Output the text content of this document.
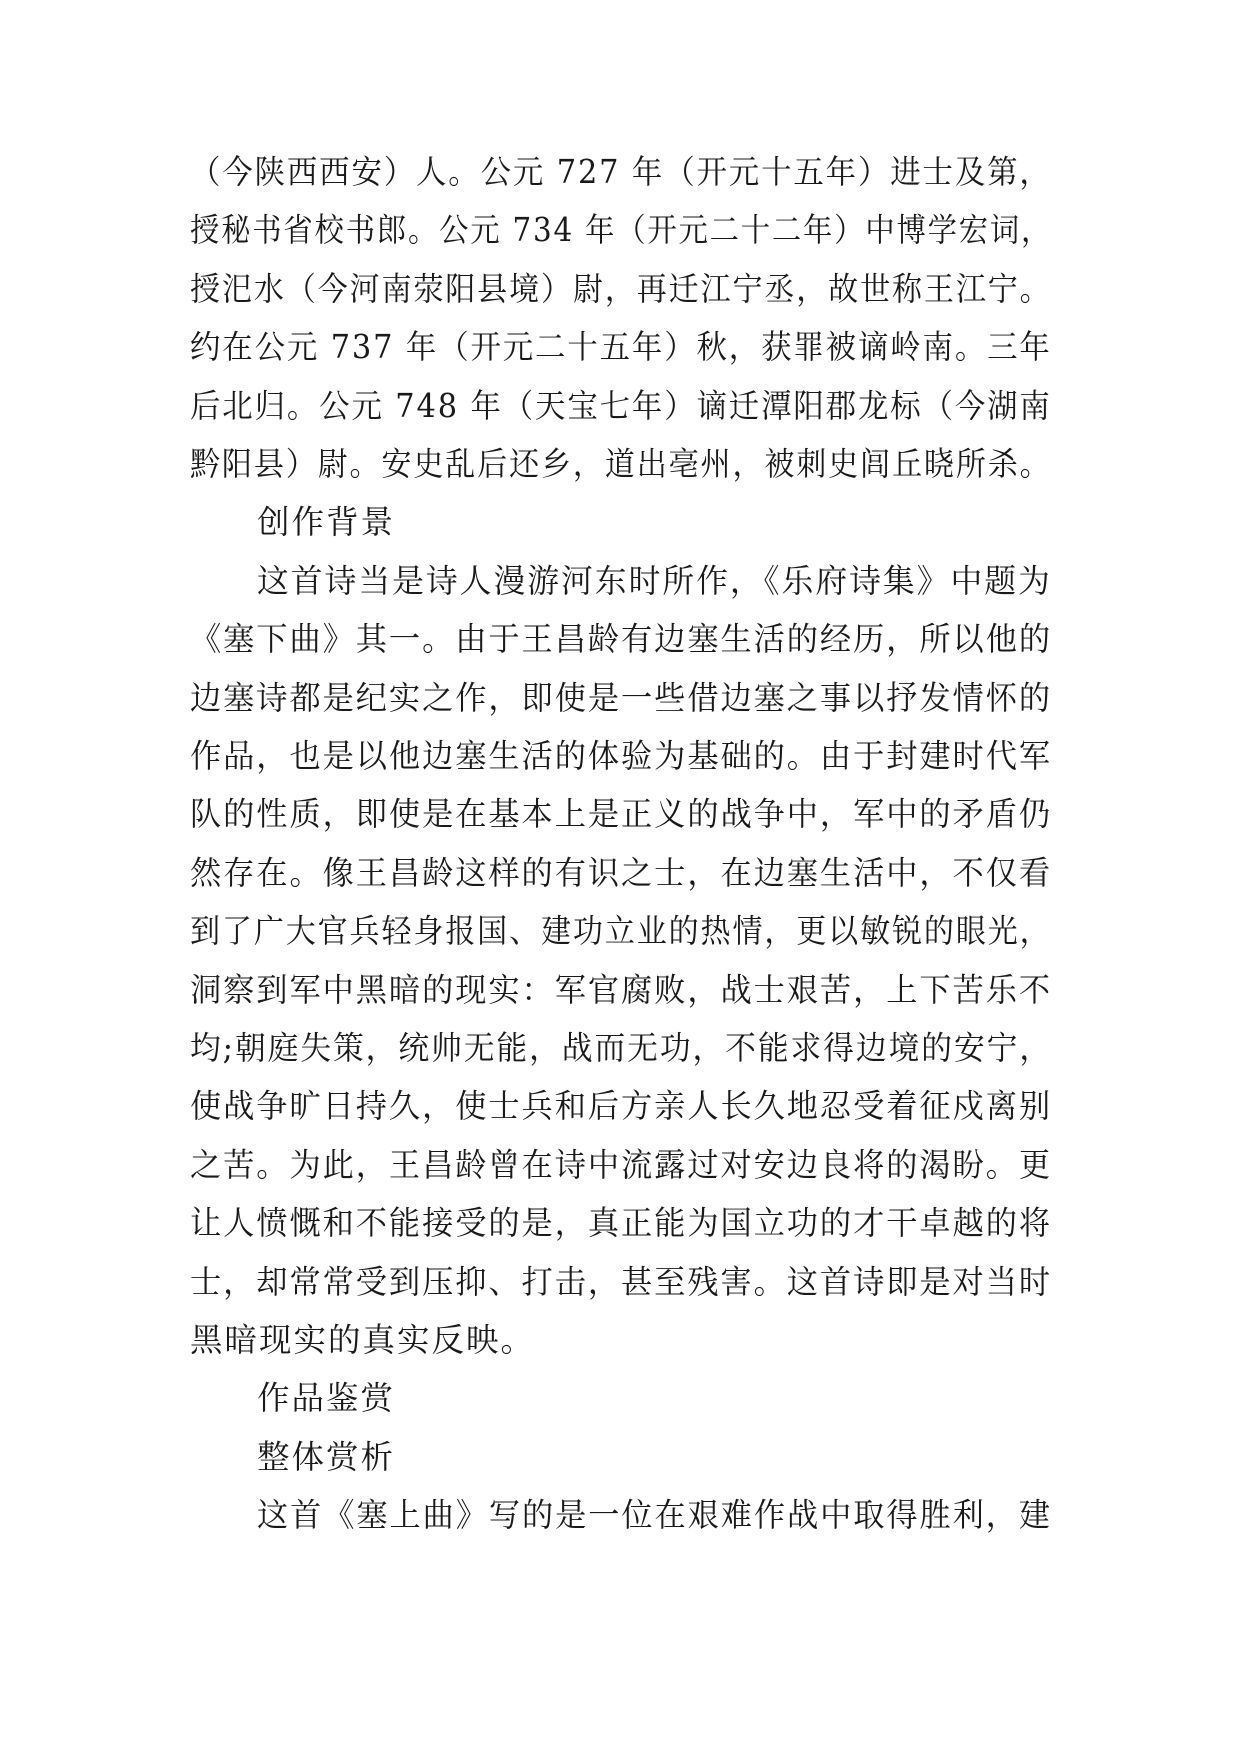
（今陕西西安）人。公元 727 年（开元十五年）进士及第，
授秘书省校书郎。公元 734 年（开元二十二年）中博学宏词，
授汜水（今河南荥阳县境）尉，再迁江宁丞，故世称王江宁。
约在公元 737 年（开元二十五年）秋，获罪被谪岭南。三年
后北归。公元 748 年（天宝七年）谪迁潭阳郡龙标（今湖南
黔阳县）尉。安史乱后还乡，道出亳州，被刺史闾丘晓所杀。
创作背景
这首诗当是诗人漫游河东时所作，《乐府诗集》中题为
《塞下曲》其一。由于王昌龄有边塞生活的经历，所以他的
边塞诗都是纪实之作，即使是一些借边塞之事以抒发情怀的
作品，也是以他边塞生活的体验为基础的。由于封建时代军
队的性质，即使是在基本上是正义的战争中，军中的矛盾仍
然存在。像王昌龄这样的有识之士，在边塞生活中，不仅看
到了广大官兵轻身报国、建功立业的热情，更以敏锐的眼光，
洞察到军中黑暗的现实：军官腐败，战士艰苦，上下苦乐不
均;朝庭失策，统帅无能，战而无功，不能求得边境的安宁，
使战争旷日持久，使士兵和后方亲人长久地忍受着征戍离别
之苦。为此，王昌龄曾在诗中流露过对安边良将的渴盼。更
让人愤慨和不能接受的是，真正能为国立功的才干卓越的将
士，却常常受到压抑、打击，甚至残害。这首诗即是对当时
黑暗现实的真实反映。
作品鉴赏
整体赏析
这首《塞上曲》写的是一位在艰难作战中取得胜利，建
